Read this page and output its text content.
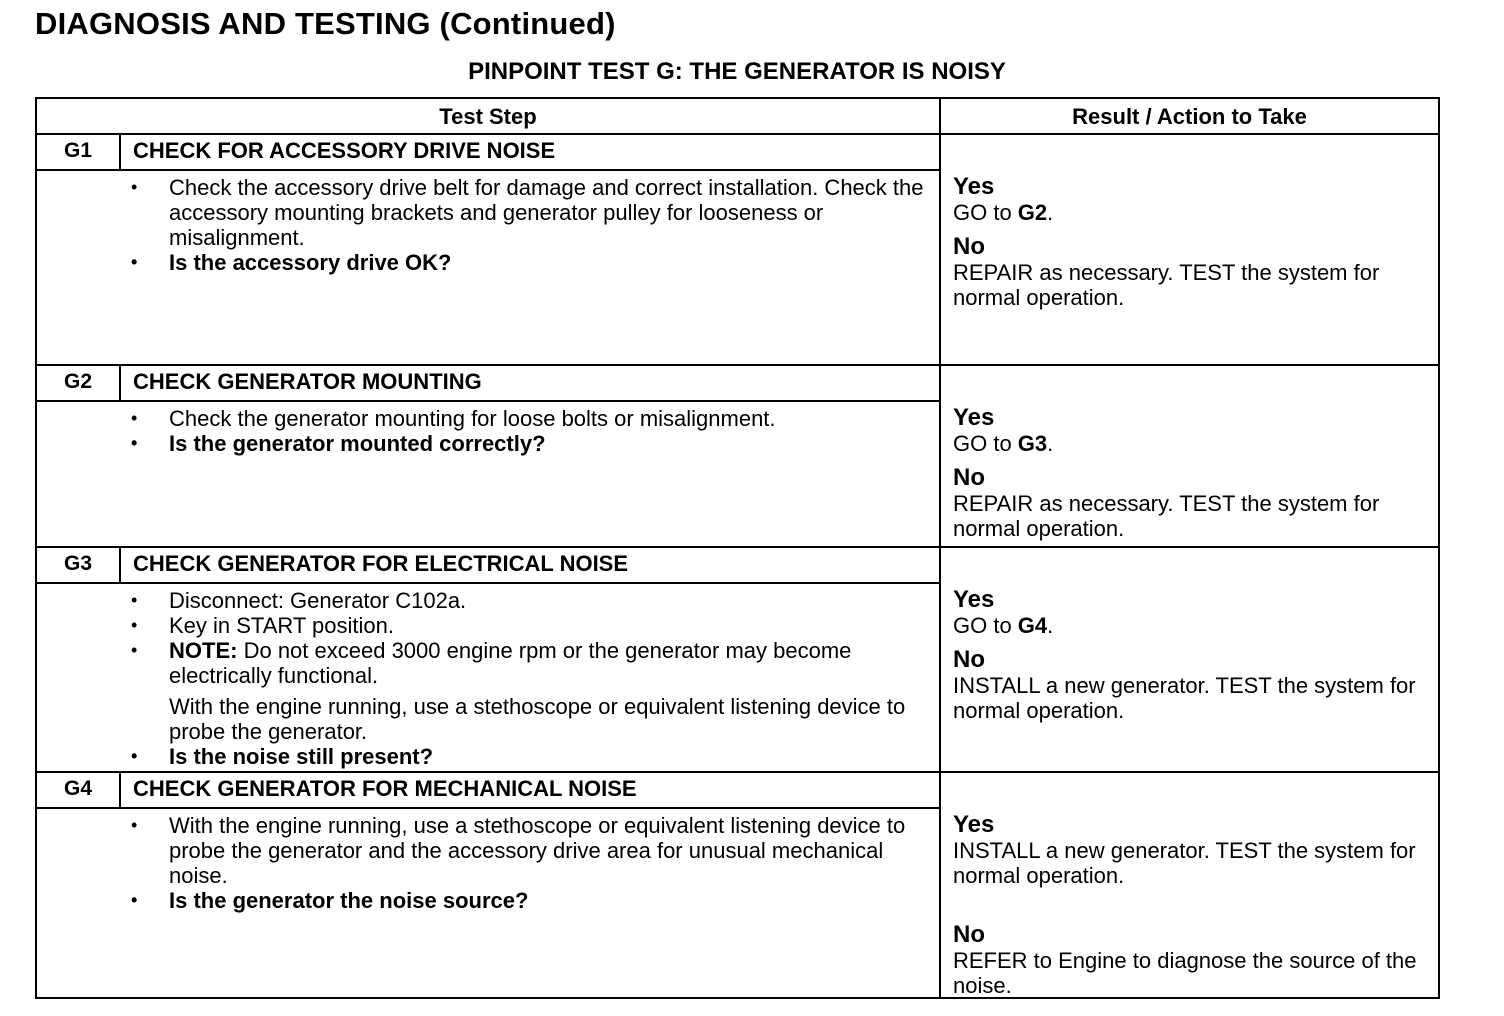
DIAGNOSIS AND TESTING (Continued)
PINPOINT TEST G: THE GENERATOR IS NOISY
Test Step	Result / Action to Take
G1	CHECK FOR ACCESSORY DRIVE NOISE
• Check the accessory drive belt for damage and correct installation. Check the accessory mounting brackets and generator pulley for looseness or misalignment.
• Is the accessory drive OK?
Yes
GO to G2.
No
REPAIR as necessary. TEST the system for normal operation.
G2	CHECK GENERATOR MOUNTING
• Check the generator mounting for loose bolts or misalignment.
• Is the generator mounted correctly?
Yes
GO to G3.
No
REPAIR as necessary. TEST the system for normal operation.
G3	CHECK GENERATOR FOR ELECTRICAL NOISE
• Disconnect: Generator C102a.
• Key in START position.
• NOTE: Do not exceed 3000 engine rpm or the generator may become electrically functional.
With the engine running, use a stethoscope or equivalent listening device to probe the generator.
• Is the noise still present?
Yes
GO to G4.
No
INSTALL a new generator. TEST the system for normal operation.
G4	CHECK GENERATOR FOR MECHANICAL NOISE
• With the engine running, use a stethoscope or equivalent listening device to probe the generator and the accessory drive area for unusual mechanical noise.
• Is the generator the noise source?
Yes
INSTALL a new generator. TEST the system for normal operation.
No
REFER to Engine to diagnose the source of the noise.
